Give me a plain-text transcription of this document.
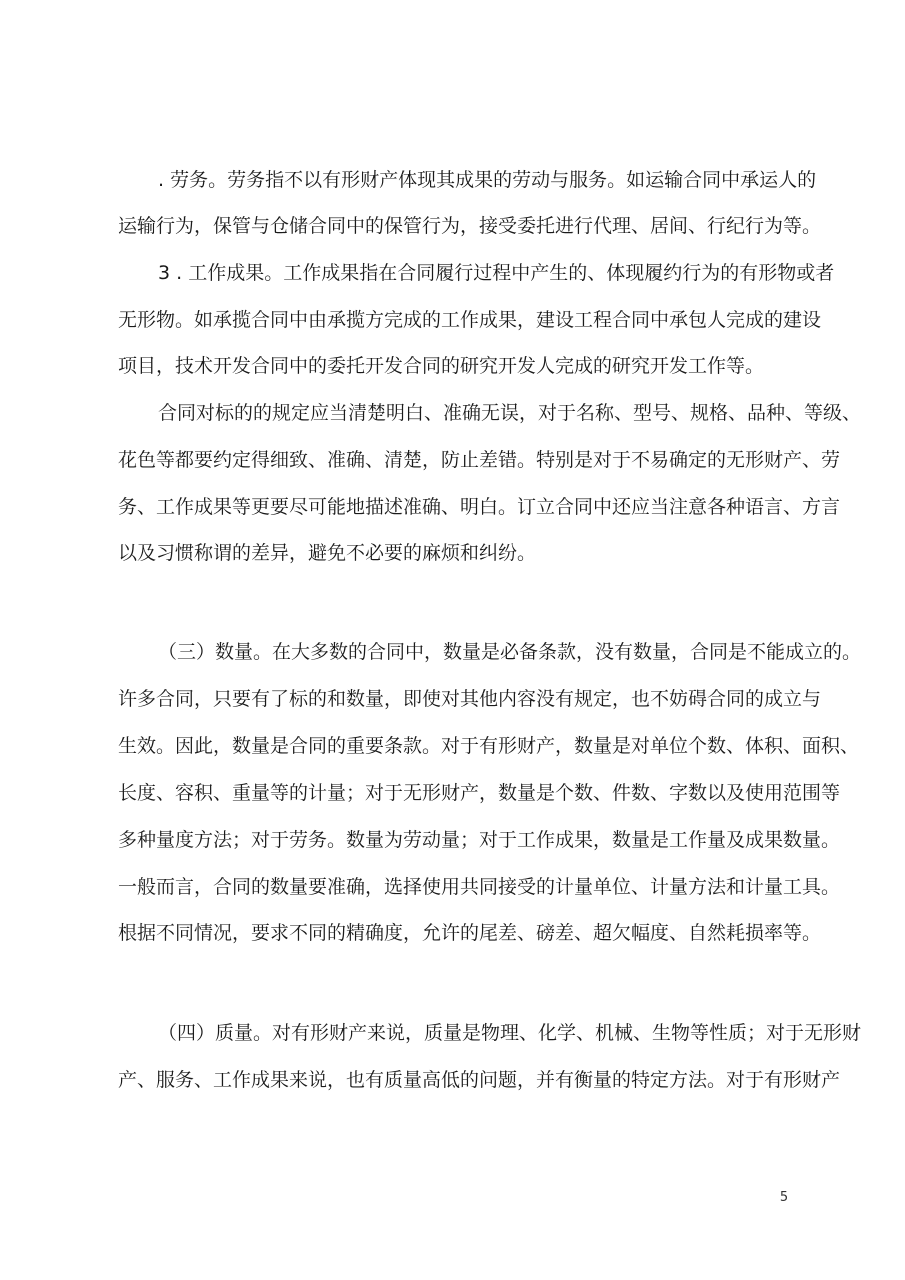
. 劳务。劳务指不以有形财产体现其成果的劳动与服务。如运输合同中承运人的
运输行为，保管与仓储合同中的保管行为，接受委托进行代理、居间、行纪行为等。
3 . 工作成果。工作成果指在合同履行过程中产生的、体现履约行为的有形物或者
无形物。如承揽合同中由承揽方完成的工作成果，建设工程合同中承包人完成的建设
项目，技术开发合同中的委托开发合同的研究开发人完成的研究开发工作等。
合同对标的的规定应当清楚明白、准确无误，对于名称、型号、规格、品种、等级、
花色等都要约定得细致、准确、清楚，防止差错。特别是对于不易确定的无形财产、劳
务、工作成果等更要尽可能地描述准确、明白。订立合同中还应当注意各种语言、方言
以及习惯称谓的差异，避免不必要的麻烦和纠纷。
（三）数量。在大多数的合同中，数量是必备条款，没有数量，合同是不能成立的。
许多合同，只要有了标的和数量，即使对其他内容没有规定，也不妨碍合同的成立与
生效。因此，数量是合同的重要条款。对于有形财产，数量是对单位个数、体积、面积、
长度、容积、重量等的计量；对于无形财产，数量是个数、件数、字数以及使用范围等
多种量度方法；对于劳务。数量为劳动量；对于工作成果，数量是工作量及成果数量。
一般而言，合同的数量要准确，选择使用共同接受的计量单位、计量方法和计量工具。
根据不同情况，要求不同的精确度，允许的尾差、磅差、超欠幅度、自然耗损率等。
（四）质量。对有形财产来说，质量是物理、化学、机械、生物等性质；对于无形财
产、服务、工作成果来说，也有质量高低的问题，并有衡量的特定方法。对于有形财产
5
